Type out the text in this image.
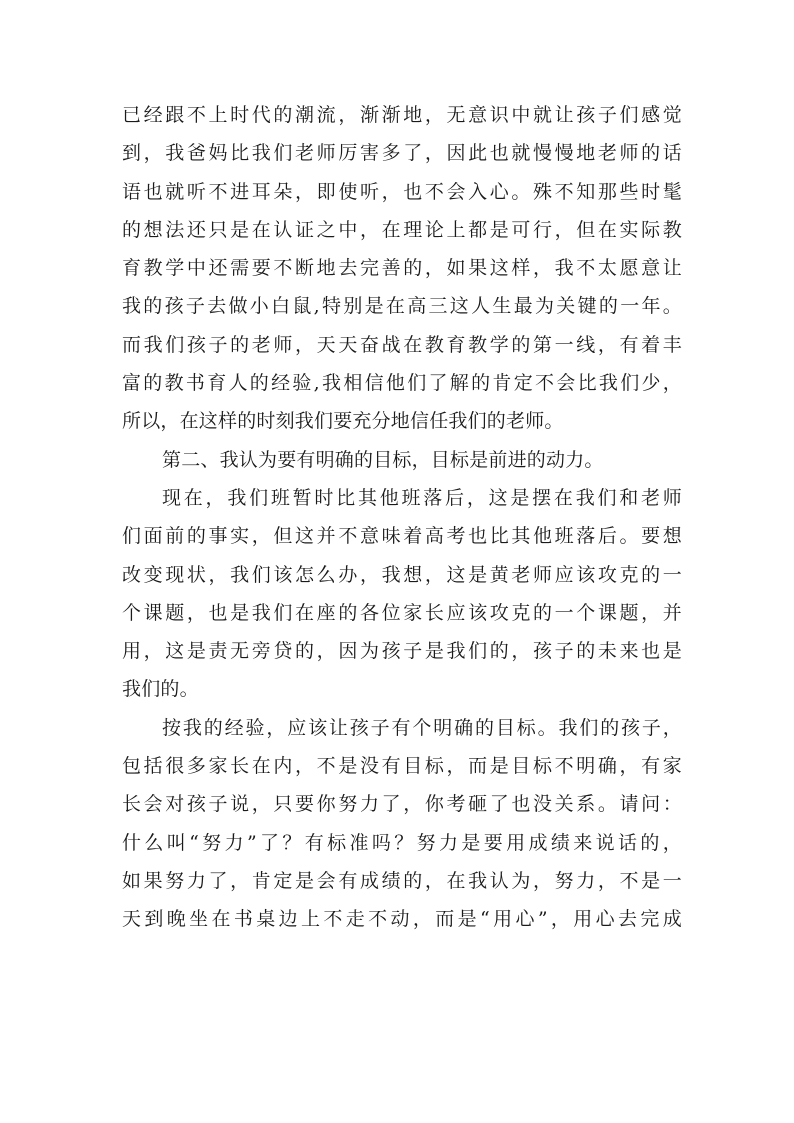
已经跟不上时代的潮流，渐渐地，无意识中就让孩子们感觉

到，我爸妈比我们老师厉害多了，因此也就慢慢地老师的话

语也就听不进耳朵，即使听，也不会入心。殊不知那些时髦

的想法还只是在认证之中，在理论上都是可行，但在实际教

育教学中还需要不断地去完善的，如果这样，我不太愿意让

我的孩子去做小白鼠,特别是在高三这人生最为关键的一年。

而我们孩子的老师，天天奋战在教育教学的第一线，有着丰

富的教书育人的经验,我相信他们了解的肯定不会比我们少，

所以，在这样的时刻我们要充分地信任我们的老师。

第二、我认为要有明确的目标，目标是前进的动力。

现在，我们班暂时比其他班落后，这是摆在我们和老师

们面前的事实，但这并不意味着高考也比其他班落后。要想

改变现状，我们该怎么办，我想，这是黄老师应该攻克的一

个课题，也是我们在座的各位家长应该攻克的一个课题，并

用，这是责无旁贷的，因为孩子是我们的，孩子的未来也是

我们的。

按我的经验，应该让孩子有个明确的目标。我们的孩子，

包括很多家长在内，不是没有目标，而是目标不明确，有家

长会对孩子说，只要你努力了，你考砸了也没关系。请问：

什么叫“努力”了？有标准吗？努力是要用成绩来说话的，

如果努力了，肯定是会有成绩的，在我认为，努力，不是一

天到晚坐在书桌边上不走不动，而是“用心”，用心去完成
